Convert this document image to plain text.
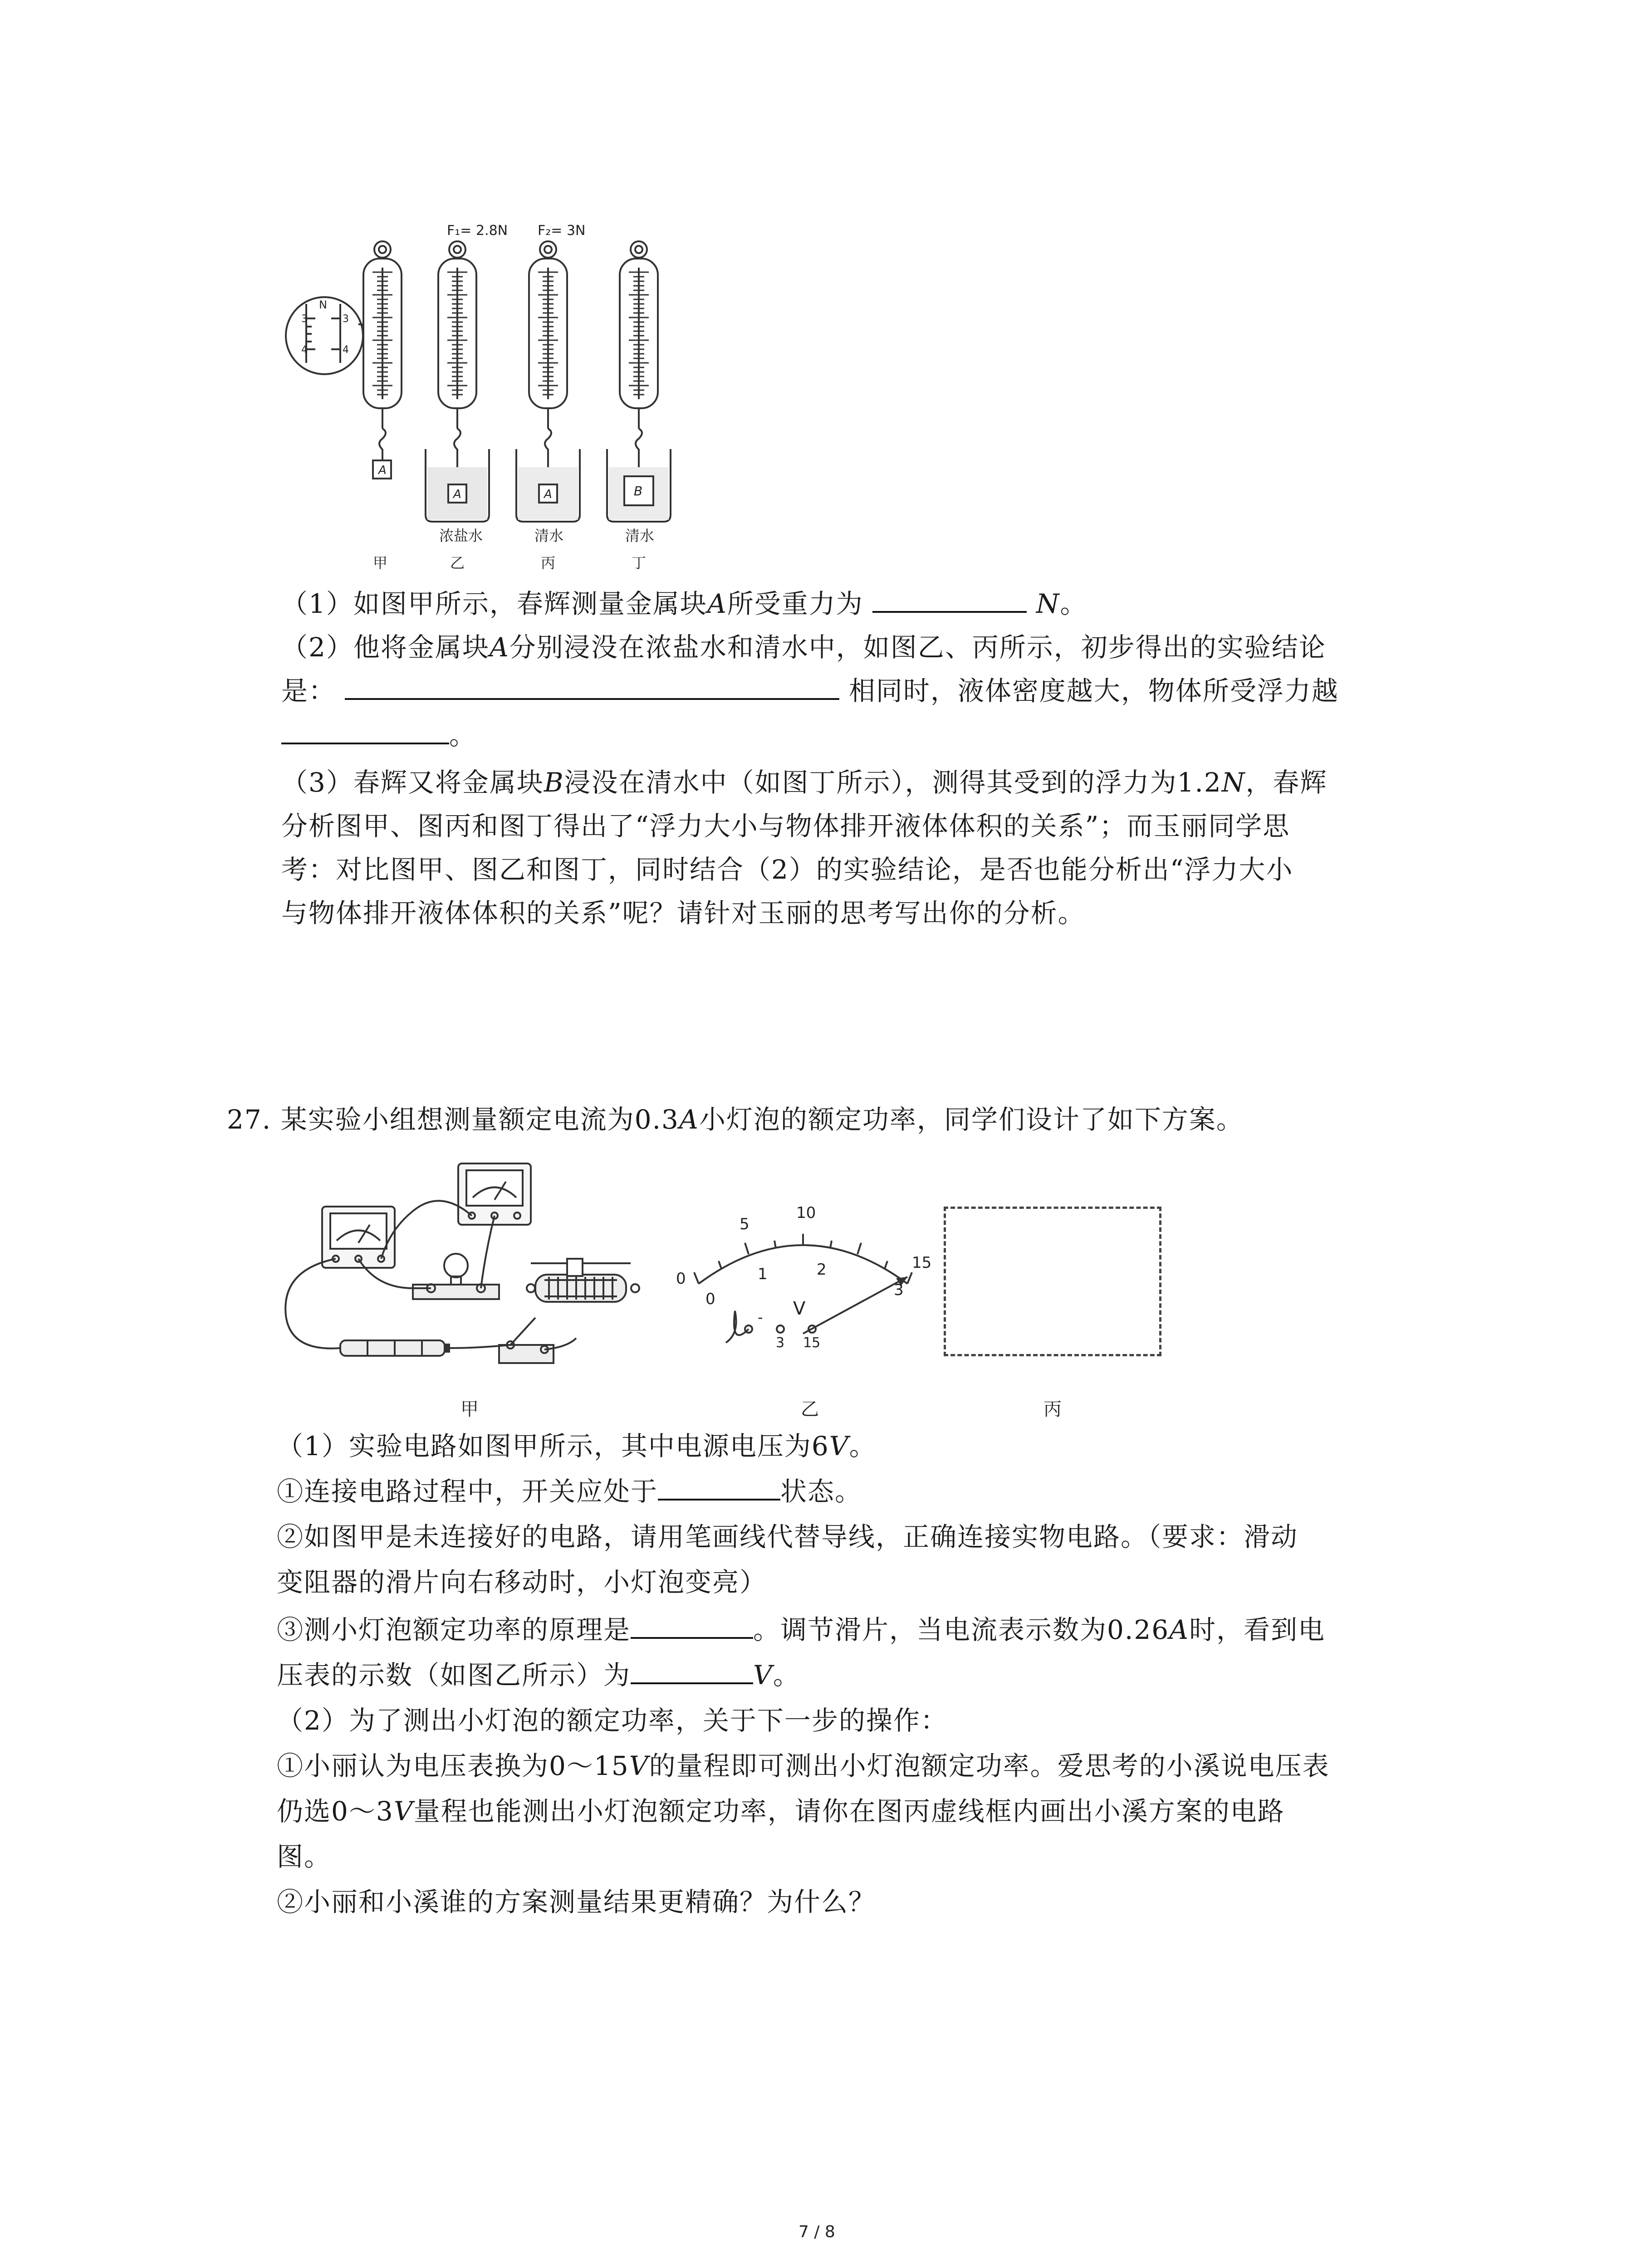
N
3	3
4	4
F₁= 2.8N F₂= 3N
A
A	A	B
浓盐水	清水	清水
甲	乙	丙	丁
（1）如图甲所示，春辉测量金属块A所受重力为	N。
（2）他将金属块A分别浸没在浓盐水和清水中，如图乙、丙所示，初步得出的实验结论
是：	相同时，液体密度越大，物体所受浮力越
。
（3）春辉又将金属块B浸没在清水中（如图丁所示），测得其受到的浮力为1.2N，春辉
分析图甲、图丙和图丁得出了“浮力大小与物体排开液体体积的关系”；而玉丽同学思
考：对比图甲、图乙和图丁，同时结合（2）的实验结论，是否也能分析出“浮力大小
与物体排开液体体积的关系”呢？请针对玉丽的思考写出你的分析。
27. 某实验小组想测量额定电流为0.3A小灯泡的额定功率，同学们设计了如下方案。
0
5
10
15
0
1	2
3
V
-
3 15
甲	乙	丙
（1）实验电路如图甲所示，其中电源电压为6V。
①连接电路过程中，开关应处于	状态。
②如图甲是未连接好的电路，请用笔画线代替导线，正确连接实物电路。（要求：滑动
变阻器的滑片向右移动时，小灯泡变亮）
③测小灯泡额定功率的原理是	。调节滑片，当电流表示数为0.26A时，看到电
压表的示数（如图乙所示）为	V。
（2）为了测出小灯泡的额定功率，关于下一步的操作：
①小丽认为电压表换为0～15V的量程即可测出小灯泡额定功率。爱思考的小溪说电压表
仍选0～3V量程也能测出小灯泡额定功率，请你在图丙虚线框内画出小溪方案的电路
图。
②小丽和小溪谁的方案测量结果更精确？为什么？
7 / 8
